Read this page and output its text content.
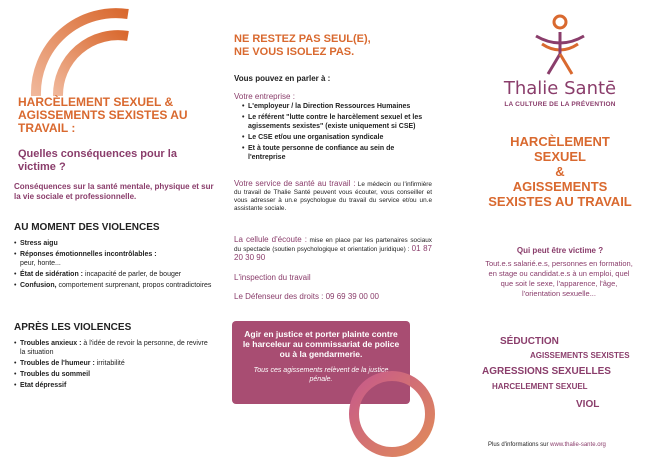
HARCÈLEMENT SEXUEL & AGISSEMENTS SEXISTES AU TRAVAIL :
Quelles conséquences pour la victime ?
Conséquences sur la santé mentale, physique et sur la vie sociale et professionnelle.
AU MOMENT DES VIOLENCES
• Stress aigu
• Réponses émotionnelles incontrôlables :
peur, honte...
• État de sidération : incapacité de parler, de bouger
• Confusion, comportement surprenant, propos contradictoires
APRÈS LES VIOLENCES
• Troubles anxieux : à l'idée de revoir la personne, de revivre la situation
• Troubles de l'humeur : irritabilité
• Troubles du sommeil
• Etat dépressif
NE RESTEZ PAS SEUL(E),
NE VOUS ISOLEZ PAS.
Vous pouvez en parler à :
Votre entreprise :
• L'employeur / la Direction Ressources Humaines
• Le référent "lutte contre le harcèlement sexuel et les agissements sexistes" (existe uniquement si CSE)
• Le CSE et/ou une organisation syndicale
• Et à toute personne de confiance au sein de l'entreprise
Votre service de santé au travail : Le médecin ou l'infirmière du travail de Thalie Santé peuvent vous écouter, vous conseiller et vous adresser à un.e psychologue du travail du service et/ou un.e assistante sociale.
La cellule d'écoute : mise en place par les partenaires sociaux du spectacle (soutien psychologique et orientation juridique) : 01 87 20 30 90
L'inspection du travail
Le Défenseur des droits : 09 69 39 00 00
Agir en justice et porter plainte contre le harceleur au commissariat de police ou à la gendarmerie.
Tous ces agissements relèvent de la justice pénale.
Thalie Santē
LA CULTURE DE LA PRÉVENTION
HARCÈLEMENT
SEXUEL
&
AGISSEMENTS
SEXISTES AU TRAVAIL
Qui peut être victime ?
Tout.e.s salarié.e.s, personnes en formation, en stage ou candidat.e.s à un emploi, quel que soit le sexe, l'apparence, l'âge, l'orientation sexuelle...
SÉDUCTION
AGISSEMENTS SEXISTES
AGRESSIONS SEXUELLES
HARCELEMENT SEXUEL
VIOL
Plus d'informations sur www.thalie-sante.org
